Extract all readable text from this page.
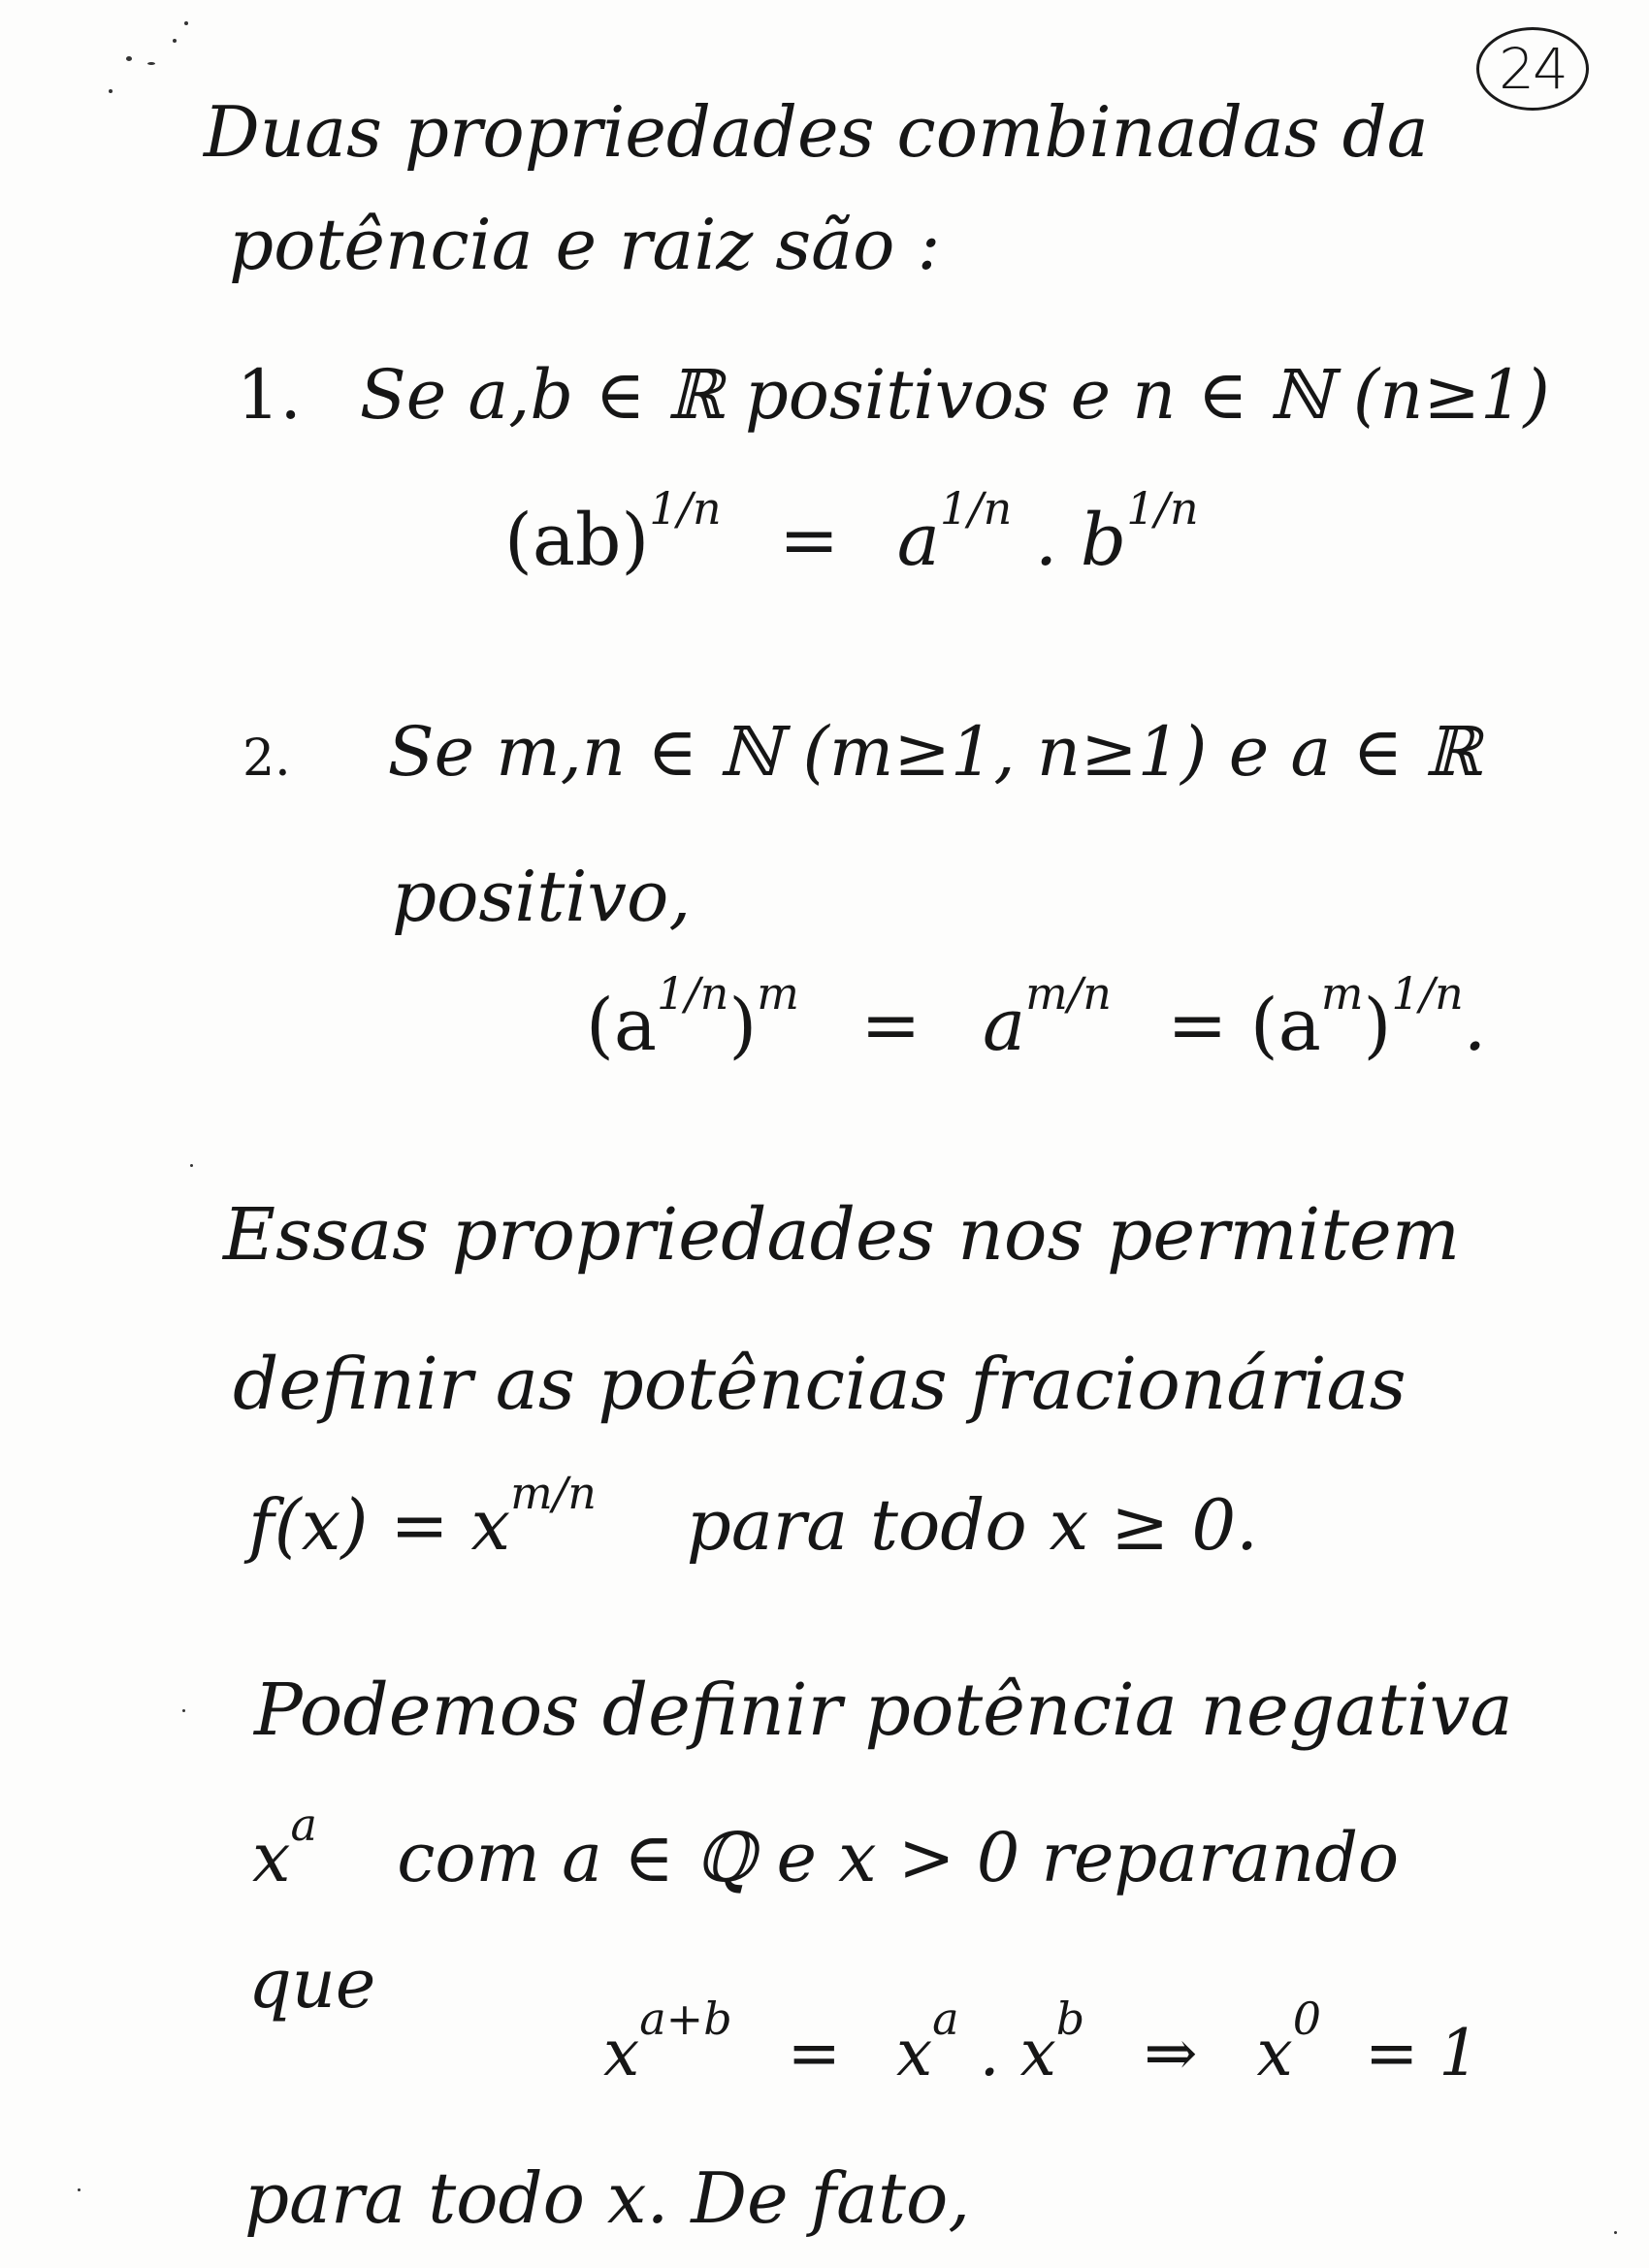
24
Duas propriedades combinadas da
potência e raiz são :
1. Se a,b ∈ ℝ positivos e n ∈ ℕ (n≥1)
$(ab)^{1/n} = a^{1/n}$ . $b^{1/n}$
2. Se m,n ∈ ℕ (m≥1, n≥1) e a ∈ ℝ
positivo,
$(a^{1/n})^m = a^{m/n} = (a^m)^{1/n}$.
Essas propriedades nos permitem
definir as potências fracionárias
$f(x) = x^{m/n}$ para todo x ≥ 0.
Podemos definir potência negativa
$x^a$ com a ∈ ℚ e x > 0 reparando
que
$x^{a+b} = x^a$ . $x^b$ ⇒ $x^0 = 1$
para todo x. De fato,
